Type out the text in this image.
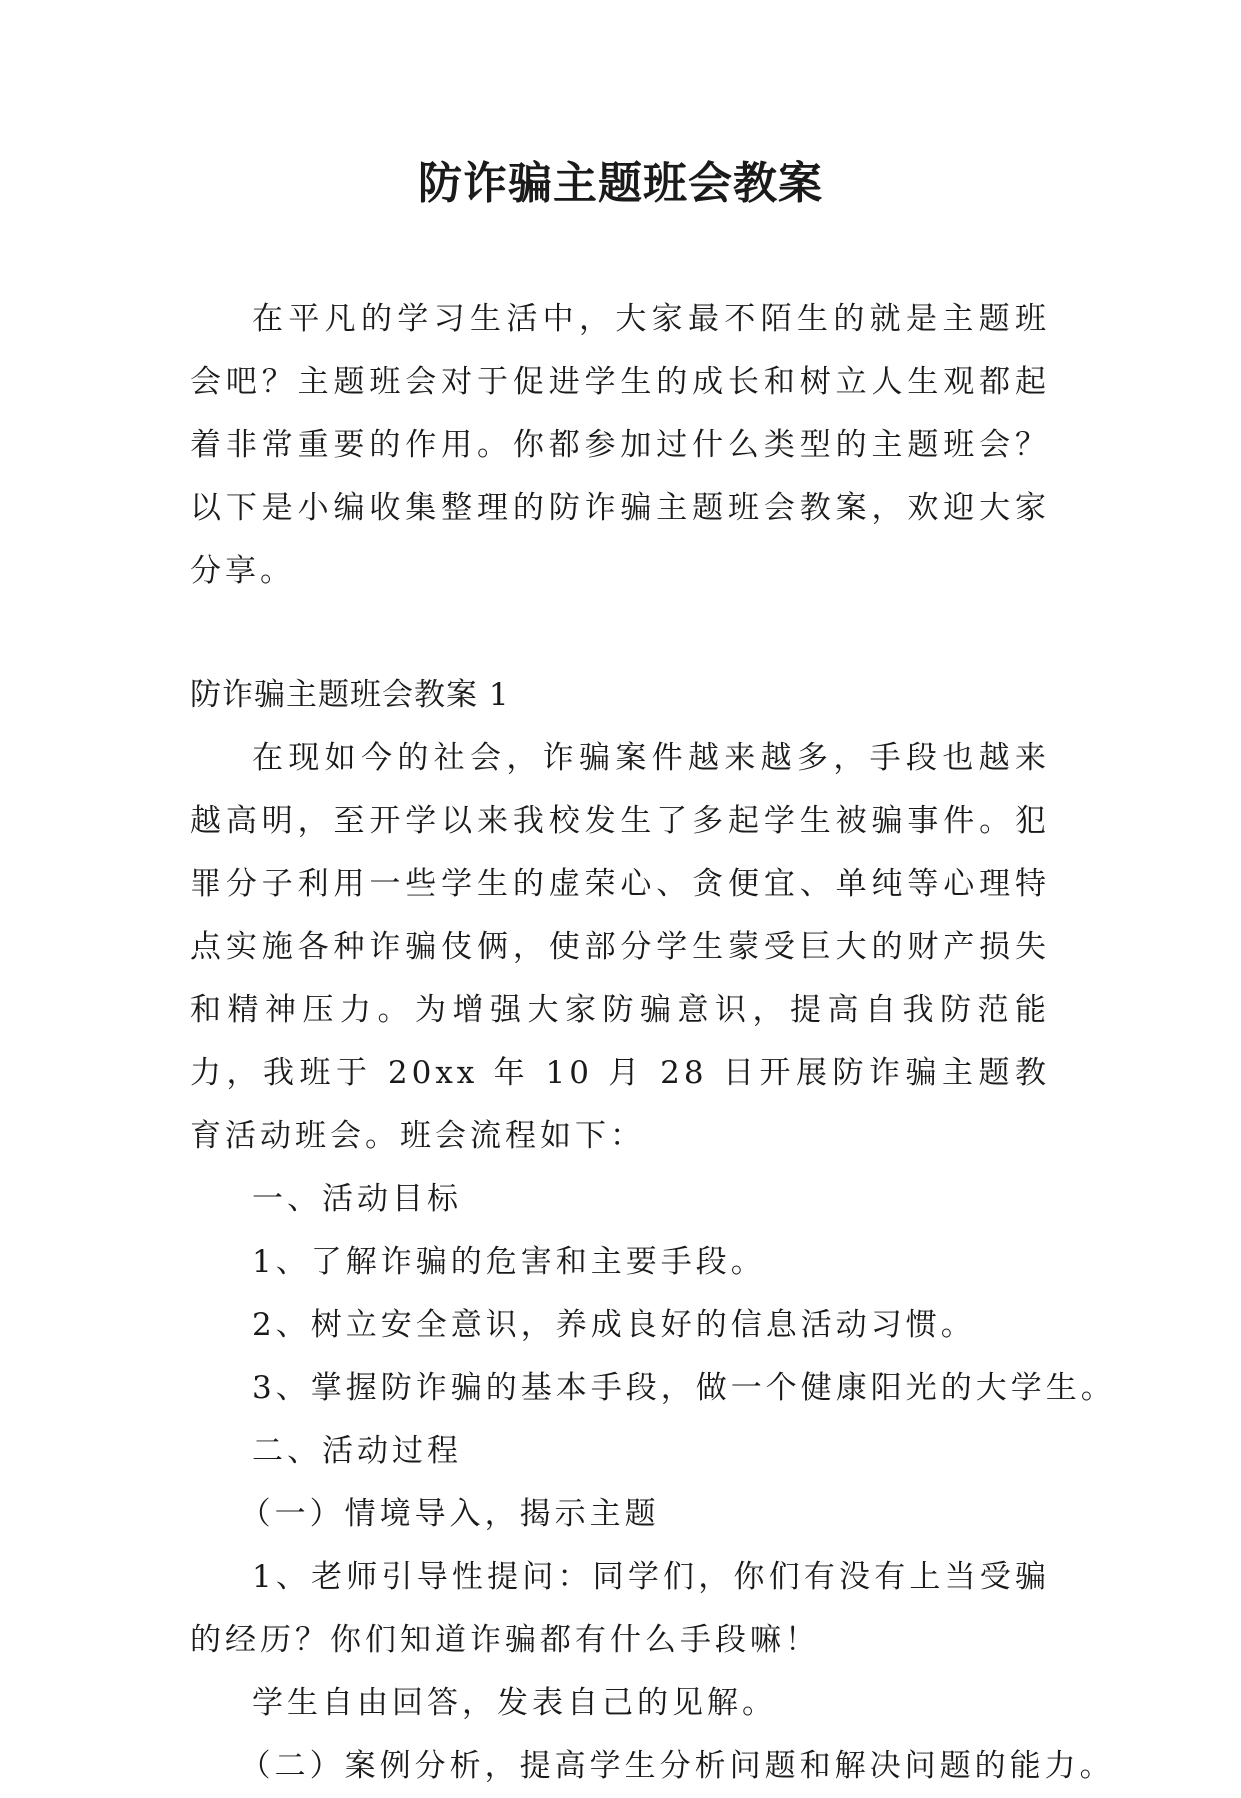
防诈骗主题班会教案

在平凡的学习生活中，大家最不陌生的就是主题班会吧？主题班会对于促进学生的成长和树立人生观都起着非常重要的作用。你都参加过什么类型的主题班会？以下是小编收集整理的防诈骗主题班会教案，欢迎大家分享。

防诈骗主题班会教案 1

在现如今的社会，诈骗案件越来越多，手段也越来越高明，至开学以来我校发生了多起学生被骗事件。犯罪分子利用一些学生的虚荣心、贪便宜、单纯等心理特点实施各种诈骗伎俩，使部分学生蒙受巨大的财产损失和精神压力。为增强大家防骗意识，提高自我防范能力，我班于 20xx 年 10 月 28 日开展防诈骗主题教育活动班会。班会流程如下：

一、活动目标

1、了解诈骗的危害和主要手段。

2、树立安全意识，养成良好的信息活动习惯。

3、掌握防诈骗的基本手段，做一个健康阳光的大学生。

二、活动过程

（一）情境导入，揭示主题

1、老师引导性提问：同学们，你们有没有上当受骗的经历？你们知道诈骗都有什么手段嘛！

学生自由回答，发表自己的见解。

（二）案例分析，提高学生分析问题和解决问题的能力。
